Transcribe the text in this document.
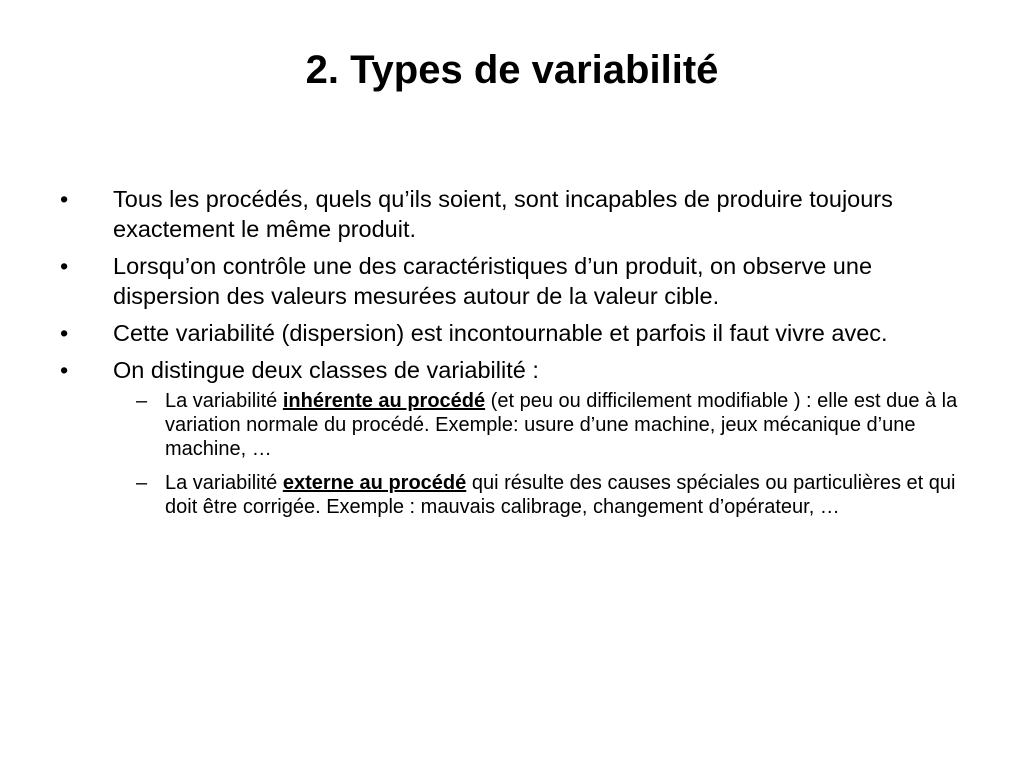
2. Types de variabilité
• Tous les procédés, quels qu’ils soient, sont incapables de produire toujours exactement le même produit.
• Lorsqu’on contrôle une des caractéristiques d’un produit, on observe une dispersion des valeurs mesurées autour de la valeur cible.
• Cette variabilité (dispersion) est incontournable et parfois il faut vivre avec.
• On distingue deux classes de variabilité :
– La variabilité inhérente au procédé (et peu ou difficilement modifiable ) : elle est due à la variation normale du procédé. Exemple: usure d’une machine, jeux mécanique d’une machine, …
– La variabilité externe au procédé qui résulte des causes spéciales ou particulières et qui doit être corrigée. Exemple : mauvais calibrage, changement d’opérateur, …
